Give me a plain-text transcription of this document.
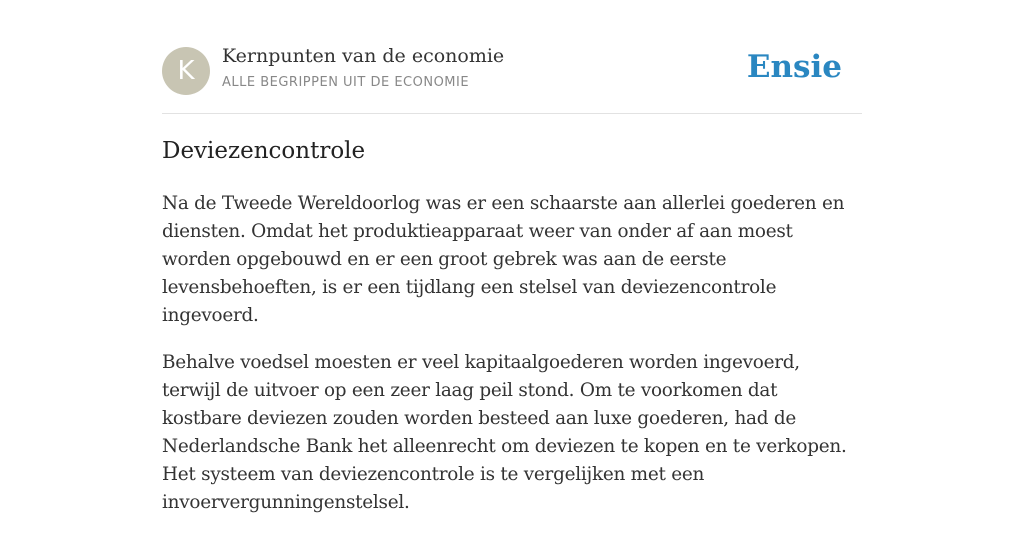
K	Kernpunten van de economie
ALLE BEGRIPPEN UIT DE ECONOMIE	Ensie
Deviezencontrole

Na de Tweede Wereldoorlog was er een schaarste aan allerlei goederen en diensten. Omdat het produktieapparaat weer van onder af aan moest worden opgebouwd en er een groot gebrek was aan de eerste levensbehoeften, is er een tijdlang een stelsel van deviezencontrole ingevoerd.

Behalve voedsel moesten er veel kapitaalgoederen worden ingevoerd, terwijl de uitvoer op een zeer laag peil stond. Om te voorkomen dat kostbare deviezen zouden worden besteed aan luxe goederen, had de Nederlandsche Bank het alleenrecht om deviezen te kopen en te verkopen. Het systeem van deviezencontrole is te vergelijken met een invoervergunningenstelsel.
